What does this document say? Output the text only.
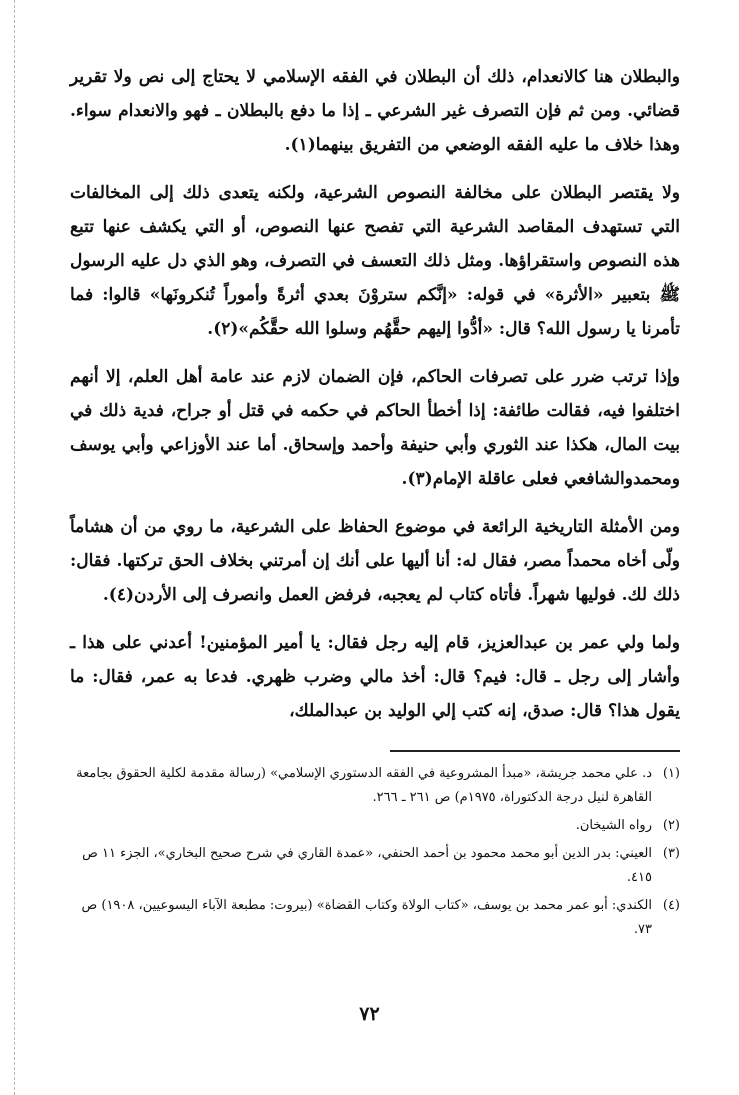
والبطلان هنا كالانعدام، ذلك أن البطلان في الفقه الإسلامي لا يحتاج إلى نص ولا تقرير قضائي. ومن ثم فإن التصرف غير الشرعي ـ إذا ما دفع بالبطلان ـ فهو والانعدام سواء. وهذا خلاف ما عليه الفقه الوضعي من التفريق بينهما(١).

ولا يقتصر البطلان على مخالفة النصوص الشرعية، ولكنه يتعدى ذلك إلى المخالفات التي تستهدف المقاصد الشرعية التي تفصح عنها النصوص، أو التي يكشف عنها تتبع هذه النصوص واستقراؤها. ومثل ذلك التعسف في التصرف، وهو الذي دل عليه الرسول ﷺ بتعبير «الأثرة» في قوله: «إنَّكم ستروْنَ بعدي أثرةً وأموراً تُنكرونَها» قالوا: فما تأمرنا يا رسول الله؟ قال: «أدُّوا إليهم حقَّهُم وسلوا الله حقَّكُم»(٢).

وإذا ترتب ضرر على تصرفات الحاكم، فإن الضمان لازم عند عامة أهل العلم، إلا أنهم اختلفوا فيه، فقالت طائفة: إذا أخطأ الحاكم في حكمه في قتل أو جراح، فدية ذلك في بيت المال، هكذا عند الثوري وأبي حنيفة وأحمد وإسحاق. أما عند الأوزاعي وأبي يوسف ومحمدوالشافعي فعلى عاقلة الإمام(٣).

ومن الأمثلة التاريخية الرائعة في موضوع الحفاظ على الشرعية، ما روي من أن هشاماً ولّى أخاه محمداً مصر، فقال له: أنا أليها على أنك إن أمرتني بخلاف الحق تركتها. فقال: ذلك لك. فوليها شهراً. فأتاه كتاب لم يعجبه، فرفض العمل وانصرف إلى الأردن(٤).

ولما ولي عمر بن عبدالعزيز، قام إليه رجل فقال: يا أمير المؤمنين! أعدني على هذا ـ وأشار إلى رجل ـ قال: فيم؟ قال: أخذ مالي وضرب ظهري. فدعا به عمر، فقال: ما يقول هذا؟ قال: صدق، إنه كتب إلي الوليد بن عبدالملك،

(١)
د. علي محمد جريشة، «مبدأ المشروعية في الفقه الدستوري الإسلامي» (رسالة مقدمة لكلية الحقوق بجامعة القاهرة لنيل درجة الدكتوراة، ١٩٧٥م) ص ٢٦١ ـ ٢٦٦.
(٢)
رواه الشيخان.
(٣)
العيني: بدر الدين أبو محمد محمود بن أحمد الحنفي، «عمدة القاري في شرح صحيح البخاري»، الجزء ١١ ص ٤١٥.
(٤)
الكندي: أبو عمر محمد بن يوسف، «كتاب الولاة وكتاب القضاة» (بيروت: مطبعة الآباء اليسوعيين، ١٩٠٨) ص ٧٣.
٧٢
